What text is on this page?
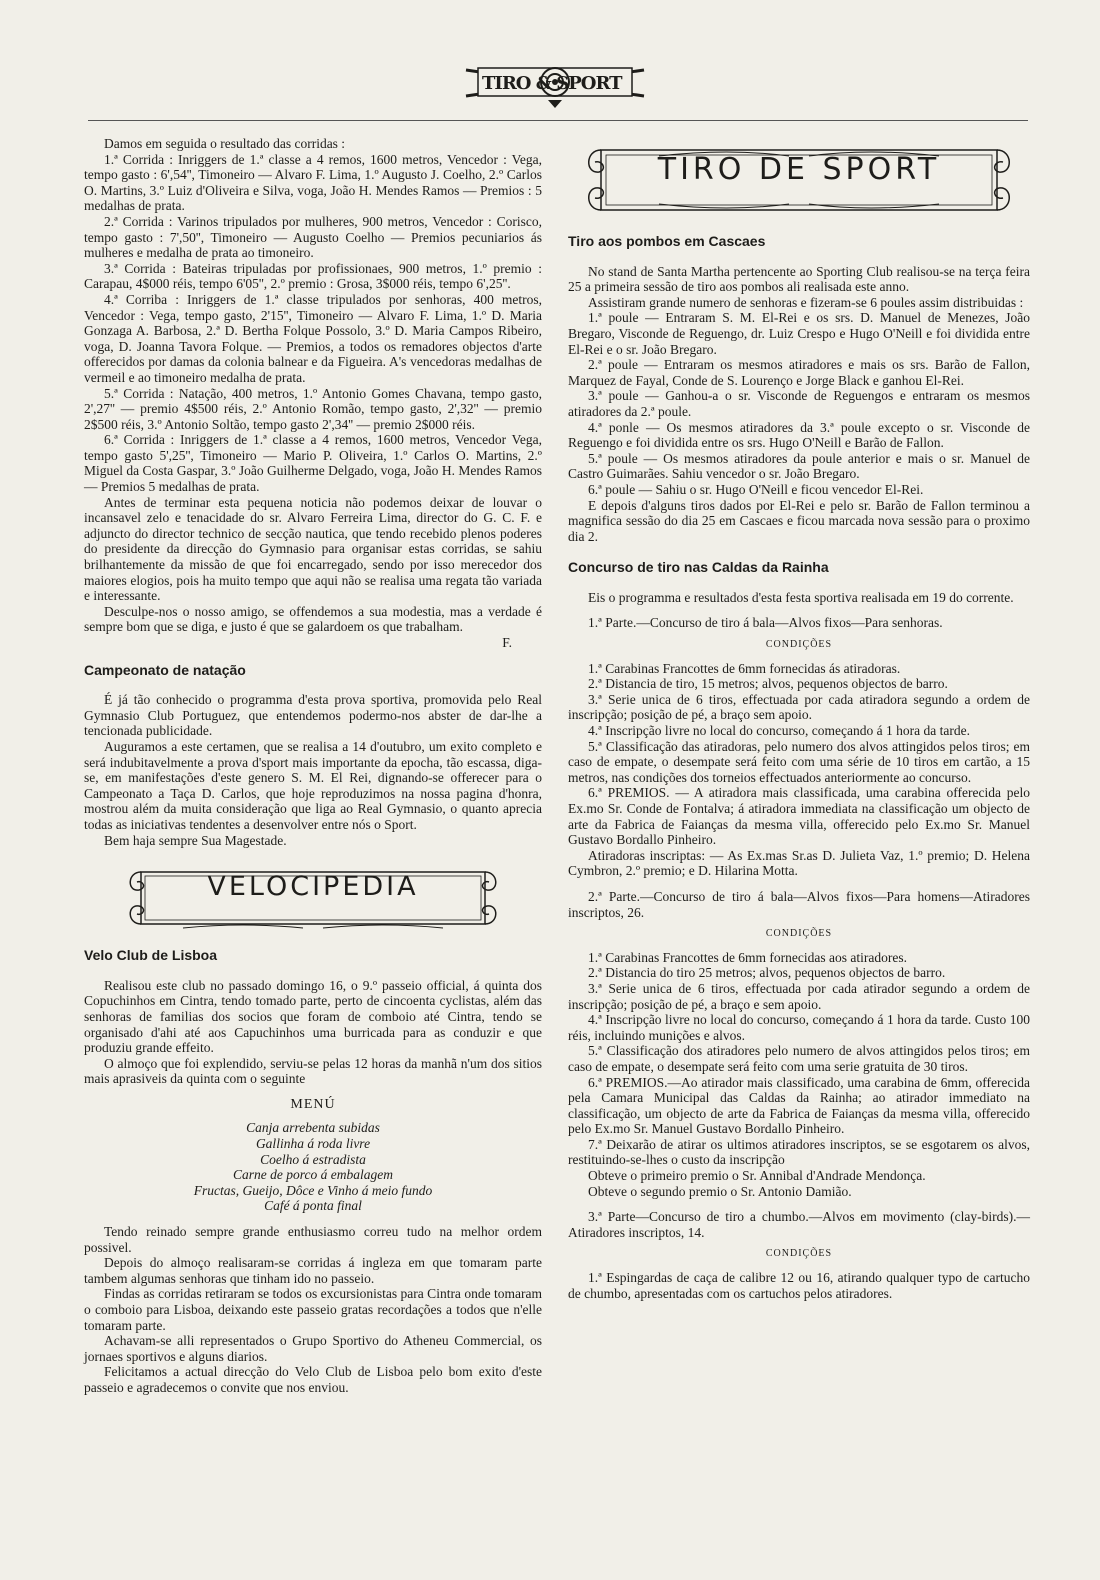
TIRO & SPORT

Damos em seguida o resultado das corridas :

1.ª Corrida : Inriggers de 1.ª classe a 4 remos, 1600 metros, Vencedor : Vega, tempo gasto : 6',54'', Timoneiro — Alvaro F. Lima, 1.º Augusto J. Coelho, 2.º Carlos O. Martins, 3.º Luiz d'Oliveira e Silva, voga, João H. Mendes Ramos — Premios : 5 medalhas de prata.

2.ª Corrida : Varinos tripulados por mulheres, 900 metros, Vencedor : Corisco, tempo gasto : 7',50'', Timoneiro — Augusto Coelho — Premios pecuniarios ás mulheres e medalha de prata ao timoneiro.

3.ª Corrida : Bateiras tripuladas por profissionaes, 900 metros, 1.º premio : Carapau, 4$000 réis, tempo 6'05'', 2.º premio : Grosa, 3$000 réis, tempo 6',25''.

4.ª Corriba : Inriggers de 1.ª classe tripulados por senhoras, 400 metros, Vencedor : Vega, tempo gasto, 2'15'', Timoneiro — Alvaro F. Lima, 1.º D. Maria Gonzaga A. Barbosa, 2.ª D. Bertha Folque Possolo, 3.º D. Maria Campos Ribeiro, voga, D. Joanna Tavora Folque. — Premios, a todos os remadores objectos d'arte offerecidos por damas da colonia balnear e da Figueira. A's vencedoras medalhas de vermeil e ao timoneiro medalha de prata.

5.ª Corrida : Natação, 400 metros, 1.º Antonio Gomes Chavana, tempo gasto, 2',27'' — premio 4$500 réis, 2.º Antonio Romão, tempo gasto, 2',32'' — premio 2$500 réis, 3.º Antonio Soltão, tempo gasto 2',34'' — premio 2$000 réis.

6.ª Corrida : Inriggers de 1.ª classe a 4 remos, 1600 metros, Vencedor Vega, tempo gasto 5',25'', Timoneiro — Mario P. Oliveira, 1.º Carlos O. Martins, 2.º Miguel da Costa Gaspar, 3.º João Guilherme Delgado, voga, João H. Mendes Ramos — Premios 5 medalhas de prata.

Antes de terminar esta pequena noticia não podemos deixar de louvar o incansavel zelo e tenacidade do sr. Alvaro Ferreira Lima, director do G. C. F. e adjuncto do director technico de secção nautica, que tendo recebido plenos poderes do presidente da direcção do Gymnasio para organisar estas corridas, se sahiu brilhantemente da missão de que foi encarregado, sendo por isso merecedor dos maiores elogios, pois ha muito tempo que aqui não se realisa uma regata tão variada e interessante.

Desculpe-nos o nosso amigo, se offendemos a sua modestia, mas a verdade é sempre bom que se diga, e justo é que se galardoem os que trabalham.

F.

Campeonato de natação

É já tão conhecido o programma d'esta prova sportiva, promovida pelo Real Gymnasio Club Portuguez, que entendemos podermo-nos abster de dar-lhe a tencionada publicidade.

Auguramos a este certamen, que se realisa a 14 d'outubro, um exito completo e será indubitavelmente a prova d'sport mais importante da epocha, tão escassa, diga-se, em manifestações d'este genero S. M. El Rei, dignando-se offerecer para o Campeonato a Taça D. Carlos, que hoje reproduzimos na nossa pagina d'honra, mostrou além da muita consideração que liga ao Real Gymnasio, o quanto aprecia todas as iniciativas tendentes a desenvolver entre nós o Sport.

Bem haja sempre Sua Magestade.

VELOCIPEDIA
Velo Club de Lisboa

Realisou este club no passado domingo 16, o 9.º passeio official, á quinta dos Copuchinhos em Cintra, tendo tomado parte, perto de cincoenta cyclistas, além das senhoras de familias dos socios que foram de comboio até Cintra, tendo se organisado d'ahi até aos Capuchinhos uma burricada para as conduzir e que produziu grande effeito.

O almoço que foi explendido, serviu-se pelas 12 horas da manhã n'um dos sitios mais aprasiveis da quinta com o seguinte

MENÚ

Canja arrebenta subidas

Gallinha á roda livre

Coelho á estradista

Carne de porco á embalagem

Fructas, Gueijo, Dôce e Vinho á meio fundo

Café á ponta final

Tendo reinado sempre grande enthusiasmo correu tudo na melhor ordem possivel.

Depois do almoço realisaram-se corridas á ingleza em que tomaram parte tambem algumas senhoras que tinham ido no passeio.

Findas as corridas retiraram se todos os excursionistas para Cintra onde tomaram o comboio para Lisboa, deixando este passeio gratas recordações a todos que n'elle tomaram parte.

Achavam-se alli representados o Grupo Sportivo do Atheneu Commercial, os jornaes sportivos e alguns diarios.

Felicitamos a actual direcção do Velo Club de Lisboa pelo bom exito d'este passeio e agradecemos o convite que nos enviou.

TIRO DE SPORT
Tiro aos pombos em Cascaes

No stand de Santa Martha pertencente ao Sporting Club realisou-se na terça feira 25 a primeira sessão de tiro aos pombos ali realisada este anno.

Assistiram grande numero de senhoras e fizeram-se 6 poules assim distribuidas :

1.ª poule — Entraram S. M. El-Rei e os srs. D. Manuel de Menezes, João Bregaro, Visconde de Reguengo, dr. Luiz Crespo e Hugo O'Neill e foi dividida entre El-Rei e o sr. João Bregaro.

2.ª poule — Entraram os mesmos atiradores e mais os srs. Barão de Fallon, Marquez de Fayal, Conde de S. Lourenço e Jorge Black e ganhou El-Rei.

3.ª poule — Ganhou-a o sr. Visconde de Reguengos e entraram os mesmos atiradores da 2.ª poule.

4.ª ponle — Os mesmos atiradores da 3.ª poule excepto o sr. Visconde de Reguengo e foi dividida entre os srs. Hugo O'Neill e Barão de Fallon.

5.ª poule — Os mesmos atiradores da poule anterior e mais o sr. Manuel de Castro Guimarães. Sahiu vencedor o sr. João Bregaro.

6.ª poule — Sahiu o sr. Hugo O'Neill e ficou vencedor El-Rei.

E depois d'alguns tiros dados por El-Rei e pelo sr. Barão de Fallon terminou a magnifica sessão do dia 25 em Cascaes e ficou marcada nova sessão para o proximo dia 2.

Concurso de tiro nas Caldas da Rainha

Eis o programma e resultados d'esta festa sportiva realisada em 19 do corrente.

1.ª Parte.—Concurso de tiro á bala—Alvos fixos—Para senhoras.

CONDIÇÕES

1.ª Carabinas Francottes de 6mm fornecidas ás atiradoras.

2.ª Distancia de tiro, 15 metros; alvos, pequenos objectos de barro.

3.ª Serie unica de 6 tiros, effectuada por cada atiradora segundo a ordem de inscripção; posição de pé, a braço sem apoio.

4.ª Inscripção livre no local do concurso, começando á 1 hora da tarde.

5.ª Classificação das atiradoras, pelo numero dos alvos attingidos pelos tiros; em caso de empate, o desempate será feito com uma série de 10 tiros em cartão, a 15 metros, nas condições dos torneios effectuados anteriormente ao concurso.

6.ª PREMIOS. — A atiradora mais classificada, uma carabina offerecida pelo Ex.mo Sr. Conde de Fontalva; á atiradora immediata na classificação um objecto de arte da Fabrica de Faianças da mesma villa, offerecido pelo Ex.mo Sr. Manuel Gustavo Bordallo Pinheiro.

Atiradoras inscriptas: — As Ex.mas Sr.as D. Julieta Vaz, 1.º premio; D. Helena Cymbron, 2.º premio; e D. Hilarina Motta.

2.ª Parte.—Concurso de tiro á bala—Alvos fixos—Para homens—Atiradores inscriptos, 26.

CONDIÇÕES

1.ª Carabinas Francottes de 6mm fornecidas aos atiradores.

2.ª Distancia do tiro 25 metros; alvos, pequenos objectos de barro.

3.ª Serie unica de 6 tiros, effectuada por cada atirador segundo a ordem de inscripção; posição de pé, a braço e sem apoio.

4.ª Inscripção livre no local do concurso, começando á 1 hora da tarde. Custo 100 réis, incluindo munições e alvos.

5.ª Classificação dos atiradores pelo numero de alvos attingidos pelos tiros; em caso de empate, o desempate será feito com uma serie gratuita de 30 tiros.

6.ª PREMIOS.—Ao atirador mais classificado, uma carabina de 6mm, offerecida pela Camara Municipal das Caldas da Rainha; ao atirador immediato na classificação, um objecto de arte da Fabrica de Faianças da mesma villa, offerecido pelo Ex.mo Sr. Manuel Gustavo Bordallo Pinheiro.

7.ª Deixarão de atirar os ultimos atiradores inscriptos, se se esgotarem os alvos, restituindo-se-lhes o custo da inscripção

Obteve o primeiro premio o Sr. Annibal d'Andrade Mendonça.

Obteve o segundo premio o Sr. Antonio Damião.

3.ª Parte—Concurso de tiro a chumbo.—Alvos em movimento (clay-birds).—Atiradores inscriptos, 14.

CONDIÇÕES

1.ª Espingardas de caça de calibre 12 ou 16, atirando qualquer typo de cartucho de chumbo, apresentadas com os cartuchos pelos atiradores.
